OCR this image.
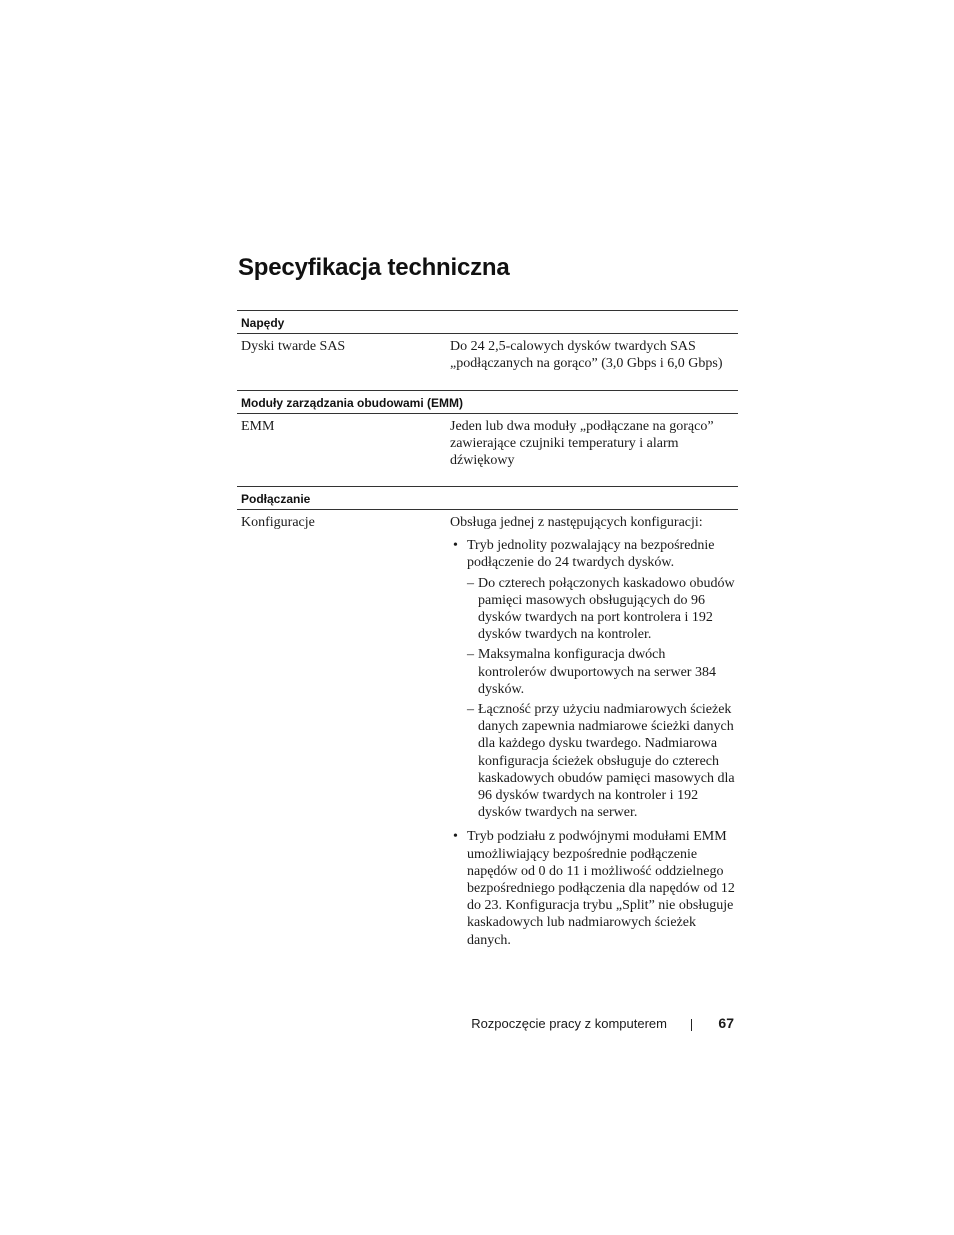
Specyfikacja techniczna
Napędy
Dyski twarde SAS	Do 24 2,5-calowych dysków twardych SAS „podłączanych na gorąco” (3,0 Gbps i 6,0 Gbps)
Moduły zarządzania obudowami (EMM)
EMM	Jeden lub dwa moduły „podłączane na gorąco” zawierające czujniki temperatury i alarm dźwiękowy
Podłączanie
Konfiguracje	Obsługa jednej z następujących konfiguracji:
• Tryb jednolity pozwalający na bezpośrednie podłączenie do 24 twardych dysków.
– Do czterech połączonych kaskadowo obudów pamięci masowych obsługujących do 96 dysków twardych na port kontrolera i 192 dysków twardych na kontroler.
– Maksymalna konfiguracja dwóch kontrolerów dwuportowych na serwer 384 dysków.
– Łączność przy użyciu nadmiarowych ścieżek danych zapewnia nadmiarowe ścieżki danych dla każdego dysku twardego. Nadmiarowa konfiguracja ścieżek obsługuje do czterech kaskadowych obudów pamięci masowych dla 96 dysków twardych na kontroler i 192 dysków twardych na serwer.
• Tryb podziału z podwójnymi modułami EMM umożliwiający bezpośrednie podłączenie napędów od 0 do 11 i możliwość oddzielnego bezpośredniego podłączenia dla napędów od 12 do 23. Konfiguracja trybu „Split” nie obsługuje kaskadowych lub nadmiarowych ścieżek danych.
Rozpoczęcie pracy z komputerem	67
